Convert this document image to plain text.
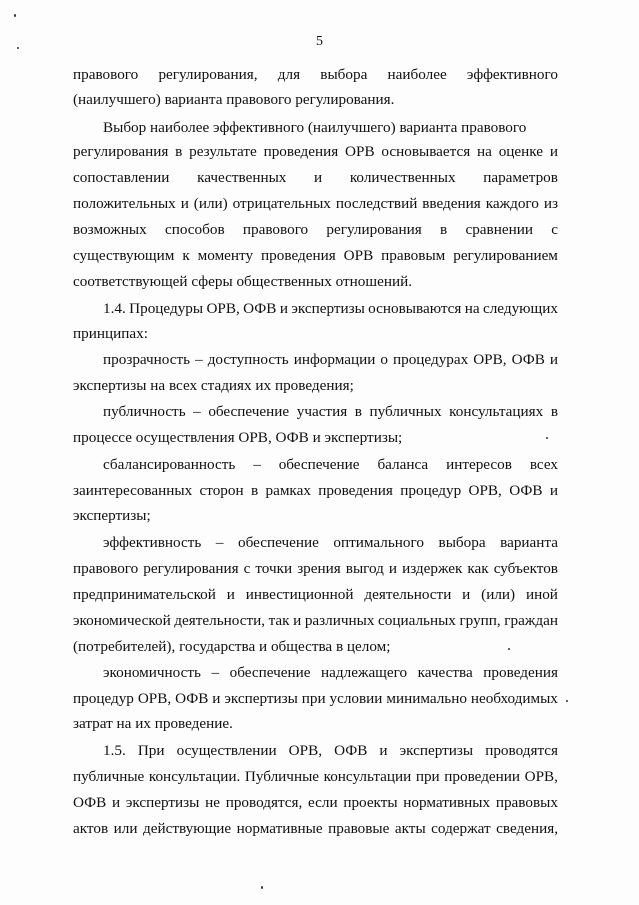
5
правового регулирования, для выбора наиболее эффективного
(наилучшего) варианта правового регулирования.
Выбор наиболее эффективного (наилучшего) варианта правового
регулирования в результате проведения ОРВ основывается на оценке и
сопоставлении качественных и количественных параметров
положительных и (или) отрицательных последствий введения каждого из
возможных способов правового регулирования в сравнении с
существующим к моменту проведения ОРВ правовым регулированием
соответствующей сферы общественных отношений.
1.4. Процедуры ОРВ, ОФВ и экспертизы основываются на следующих
принципах:
прозрачность – доступность информации о процедурах ОРВ, ОФВ и
экспертизы на всех стадиях их проведения;
публичность – обеспечение участия в публичных консультациях в
процессе осуществления ОРВ, ОФВ и экспертизы;
сбалансированность – обеспечение баланса интересов всех
заинтересованных сторон в рамках проведения процедур ОРВ, ОФВ и
экспертизы;
эффективность – обеспечение оптимального выбора варианта
правового регулирования с точки зрения выгод и издержек как субъектов
предпринимательской и инвестиционной деятельности и (или) иной
экономической деятельности, так и различных социальных групп, граждан
(потребителей), государства и общества в целом;
экономичность – обеспечение надлежащего качества проведения
процедур ОРВ, ОФВ и экспертизы при условии минимально необходимых
затрат на их проведение.
1.5. При осуществлении ОРВ, ОФВ и экспертизы проводятся
публичные консультации. Публичные консультации при проведении ОРВ,
ОФВ и экспертизы не проводятся, если проекты нормативных правовых
актов или действующие нормативные правовые акты содержат сведения,
